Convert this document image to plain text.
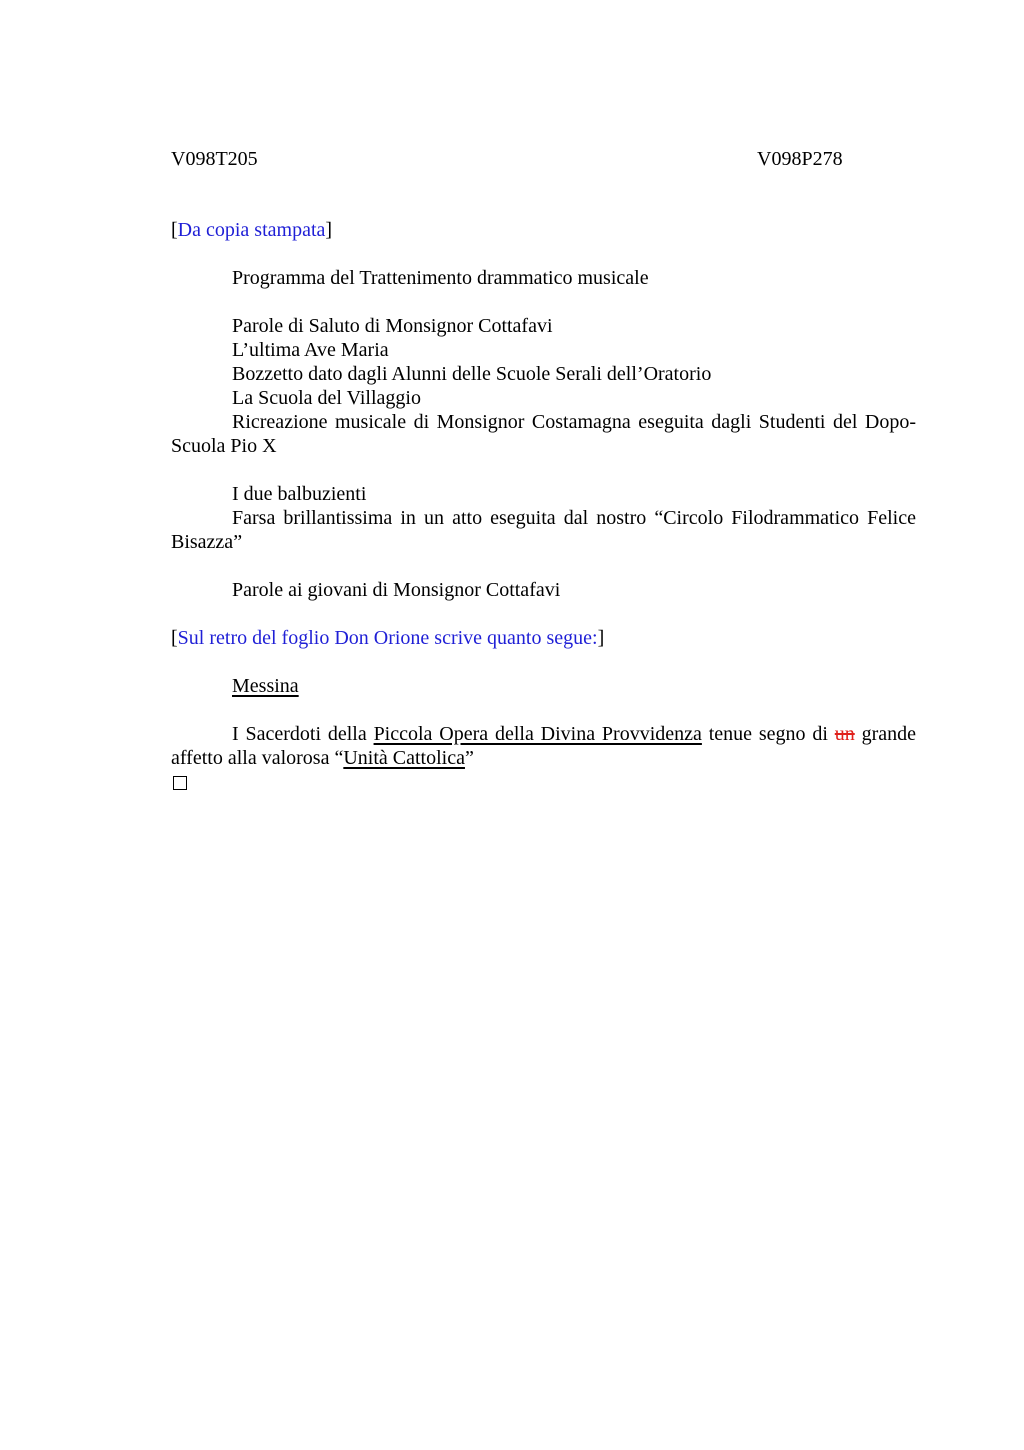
V098T205	V098P278

[Da copia stampata]

Programma del Trattenimento drammatico musicale

Parole di Saluto di Monsignor Cottafavi

L’ultima Ave Maria

Bozzetto dato dagli Alunni delle Scuole Serali dell’Oratorio

La Scuola del Villaggio

Ricreazione musicale di Monsignor Costamagna eseguita dagli Studenti del Dopo-Scuola Pio X

I due balbuzienti

Farsa brillantissima in un atto eseguita dal nostro “Circolo Filodrammatico Felice Bisazza”

Parole ai giovani di Monsignor Cottafavi

[Sul retro del foglio Don Orione scrive quanto segue:]

Messina

I Sacerdoti della Piccola Opera della Divina Provvidenza tenue segno di un grande affetto alla valorosa “Unità Cattolica”
